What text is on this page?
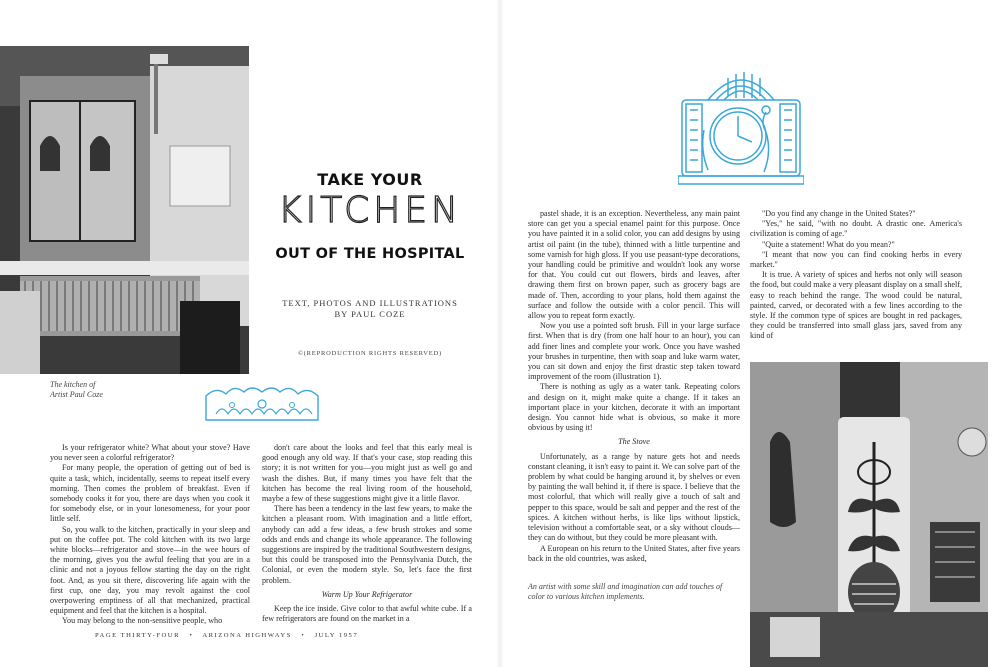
The kitchen of
Artist Paul Coze
TAKE YOUR
KITCHEN
OUT OF THE HOSPITAL
TEXT, PHOTOS AND ILLUSTRATIONS
BY PAUL COZE
©(REPRODUCTION RIGHTS RESERVED)

Is your refrigerator white? What about your stove? Have you never seen a colorful refrigerator?

For many people, the operation of getting out of bed is quite a task, which, incidentally, seems to repeat itself every morning. Then comes the problem of breakfast. Even if somebody cooks it for you, there are days when you cook it for somebody else, or in your lonesomeness, for your poor little self.

So, you walk to the kitchen, practically in your sleep and put on the coffee pot. The cold kitchen with its two large white blocks—refrigerator and stove—in the wee hours of the morning, gives you the awful feeling that you are in a clinic and not a joyous fellow starting the day on the right foot. And, as you sit there, discovering life again with the first cup, one day, you may revolt against the cool overpowering emptiness of all that mechanized, practical equipment and feel that the kitchen is a hospital.

You may belong to the non-sensitive people, who

don't care about the looks and feel that this early meal is good enough any old way. If that's your case, stop reading this story; it is not written for you—you might just as well go and wash the dishes. But, if many times you have felt that the kitchen has become the real living room of the household, maybe a few of these suggestions might give it a little flavor.

There has been a tendency in the last few years, to make the kitchen a pleasant room. With imagination and a little effort, anybody can add a few ideas, a few brush strokes and some odds and ends and change its whole appearance. The following suggestions are inspired by the traditional Southwestern designs, but this could be transposed into the Pennsylvania Dutch, the Colonial, or even the modern style. So, let's face the first problem.

Warm Up Your Refrigerator

Keep the ice inside. Give color to that awful white cube. If a few refrigerators are found on the market in a

PAGE THIRTY-FOUR • ARIZONA HIGHWAYS • JULY 1957

pastel shade, it is an exception. Nevertheless, any main paint store can get you a special enamel paint for this purpose. Once you have painted it in a solid color, you can add designs by using artist oil paint (in the tube), thinned with a little turpentine and some varnish for high gloss. If you use peasant-type decorations, your handling could be primitive and wouldn't look any worse for that. You could cut out flowers, birds and leaves, after drawing them first on brown paper, such as grocery bags are made of. Then, according to your plans, hold them against the surface and follow the outside with a color pencil. This will allow you to repeat form exactly.

Now you use a pointed soft brush. Fill in your large surface first. When that is dry (from one half hour to an hour), you can add finer lines and complete your work. Once you have washed your brushes in turpentine, then with soap and luke warm water, you can sit down and enjoy the first drastic step taken toward improvement of the room (illustration 1).

There is nothing as ugly as a water tank. Repeating colors and design on it, might make quite a change. If it takes an important place in your kitchen, decorate it with an important design. You cannot hide what is obvious, so make it more obvious by using it!

The Stove

Unfortunately, as a range by nature gets hot and needs constant cleaning, it isn't easy to paint it. We can solve part of the problem by what could be hanging around it, by shelves or even by painting the wall behind it, if there is space. I believe that the most colorful, that which will really give a touch of salt and pepper to this space, would be salt and pepper and the rest of the spices. A kitchen without herbs, is like lips without lipstick, television without a comfortable seat, or a sky without clouds—they can do without, but they could be more pleasant with.

A European on his return to the United States, after five years back in the old countries, was asked,

"Do you find any change in the United States?"

"Yes," he said, "with no doubt. A drastic one. America's civilization is coming of age."

"Quite a statement! What do you mean?"

"I meant that now you can find cooking herbs in every market."

It is true. A variety of spices and herbs not only will season the food, but could make a very pleasant display on a small shelf, easy to reach behind the range. The wood could be natural, painted, carved, or decorated with a few lines according to the style. If the common type of spices are bought in red packages, they could be transferred into small glass jars, saved from any kind of

An artist with some skill and imagination can add touches of color to various kitchen implements.
